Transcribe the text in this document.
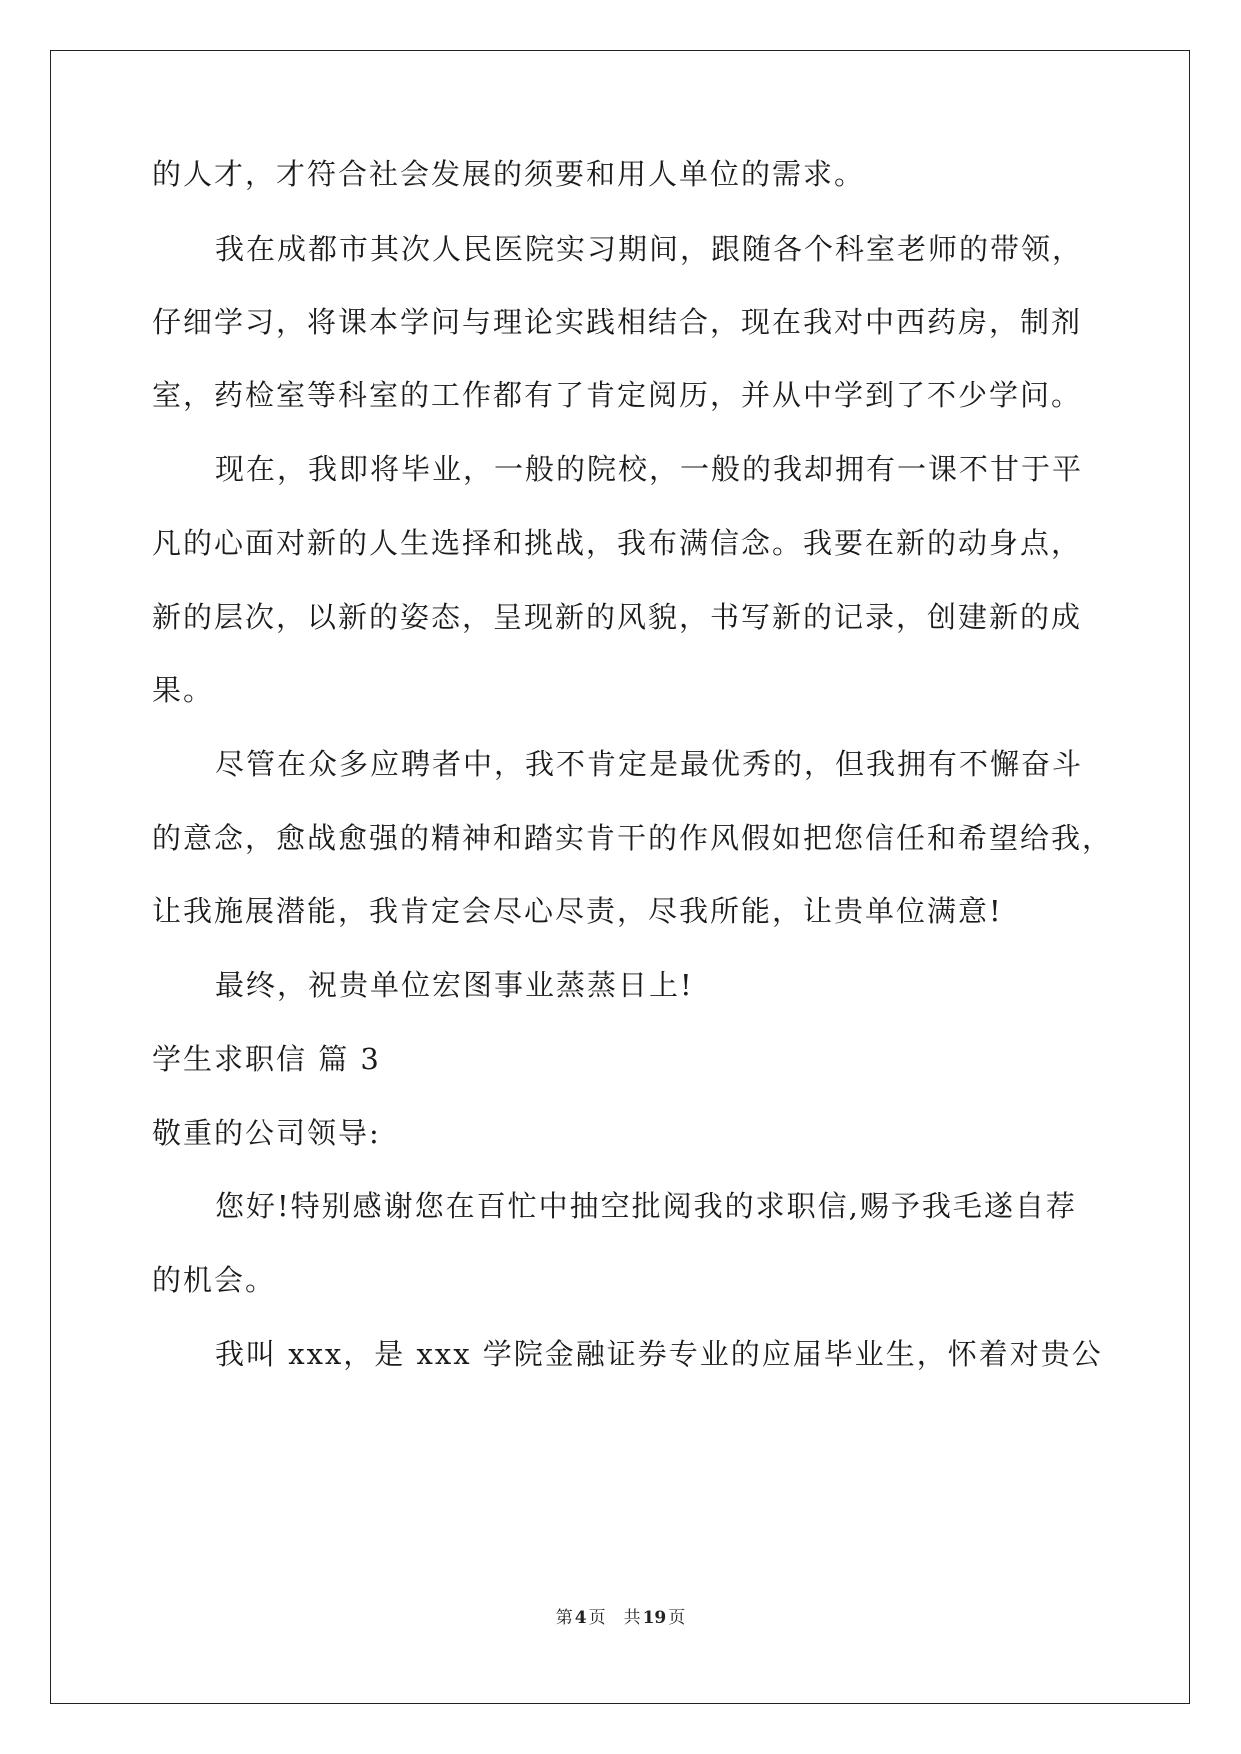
的人才，才符合社会发展的须要和用人单位的需求。
我在成都市其次人民医院实习期间，跟随各个科室老师的带领，
仔细学习，将课本学问与理论实践相结合，现在我对中西药房，制剂
室，药检室等科室的工作都有了肯定阅历，并从中学到了不少学问。
现在，我即将毕业，一般的院校，一般的我却拥有一课不甘于平
凡的心面对新的人生选择和挑战，我布满信念。我要在新的动身点，
新的层次，以新的姿态，呈现新的风貌，书写新的记录，创建新的成
果。
尽管在众多应聘者中，我不肯定是最优秀的，但我拥有不懈奋斗
的意念，愈战愈强的精神和踏实肯干的作风假如把您信任和希望给我，
让我施展潜能，我肯定会尽心尽责，尽我所能，让贵单位满意!
最终，祝贵单位宏图事业蒸蒸日上!
学生求职信 篇 3
敬重的公司领导:
您好!特别感谢您在百忙中抽空批阅我的求职信,赐予我毛遂自荐
的机会。
我叫 xxx，是 xxx 学院金融证券专业的应届毕业生，怀着对贵公
第 4 页 共 19 页
